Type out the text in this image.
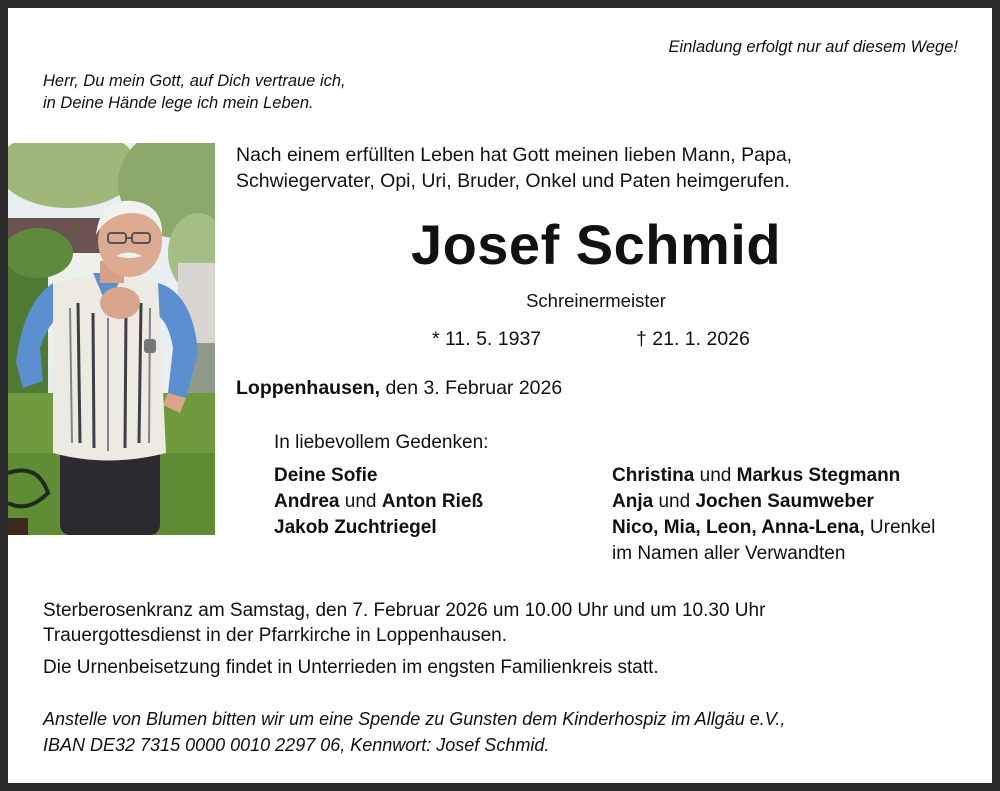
Einladung erfolgt nur auf diesem Wege!
Herr, Du mein Gott, auf Dich vertraue ich,
in Deine Hände lege ich mein Leben.
Nach einem erfüllten Leben hat Gott meinen lieben Mann, Papa,
Schwiegervater, Opi, Uri, Bruder, Onkel und Paten heimgerufen.
Josef Schmid
Schreinermeister
* 11. 5. 1937	† 21. 1. 2026
Loppenhausen, den 3. Februar 2026
In liebevollem Gedenken:
Deine Sofie
Andrea und Anton Rieß
Jakob Zuchtriegel
Christina und Markus Stegmann
Anja und Jochen Saumweber
Nico, Mia, Leon, Anna-Lena, Urenkel
im Namen aller Verwandten
Sterberosenkranz am Samstag, den 7. Februar 2026 um 10.00 Uhr und um 10.30 Uhr
Trauergottesdienst in der Pfarrkirche in Loppenhausen.
Die Urnenbeisetzung findet in Unterrieden im engsten Familienkreis statt.
Anstelle von Blumen bitten wir um eine Spende zu Gunsten dem Kinderhospiz im Allgäu e.V.,
IBAN DE32 7315 0000 0010 2297 06, Kennwort: Josef Schmid.
